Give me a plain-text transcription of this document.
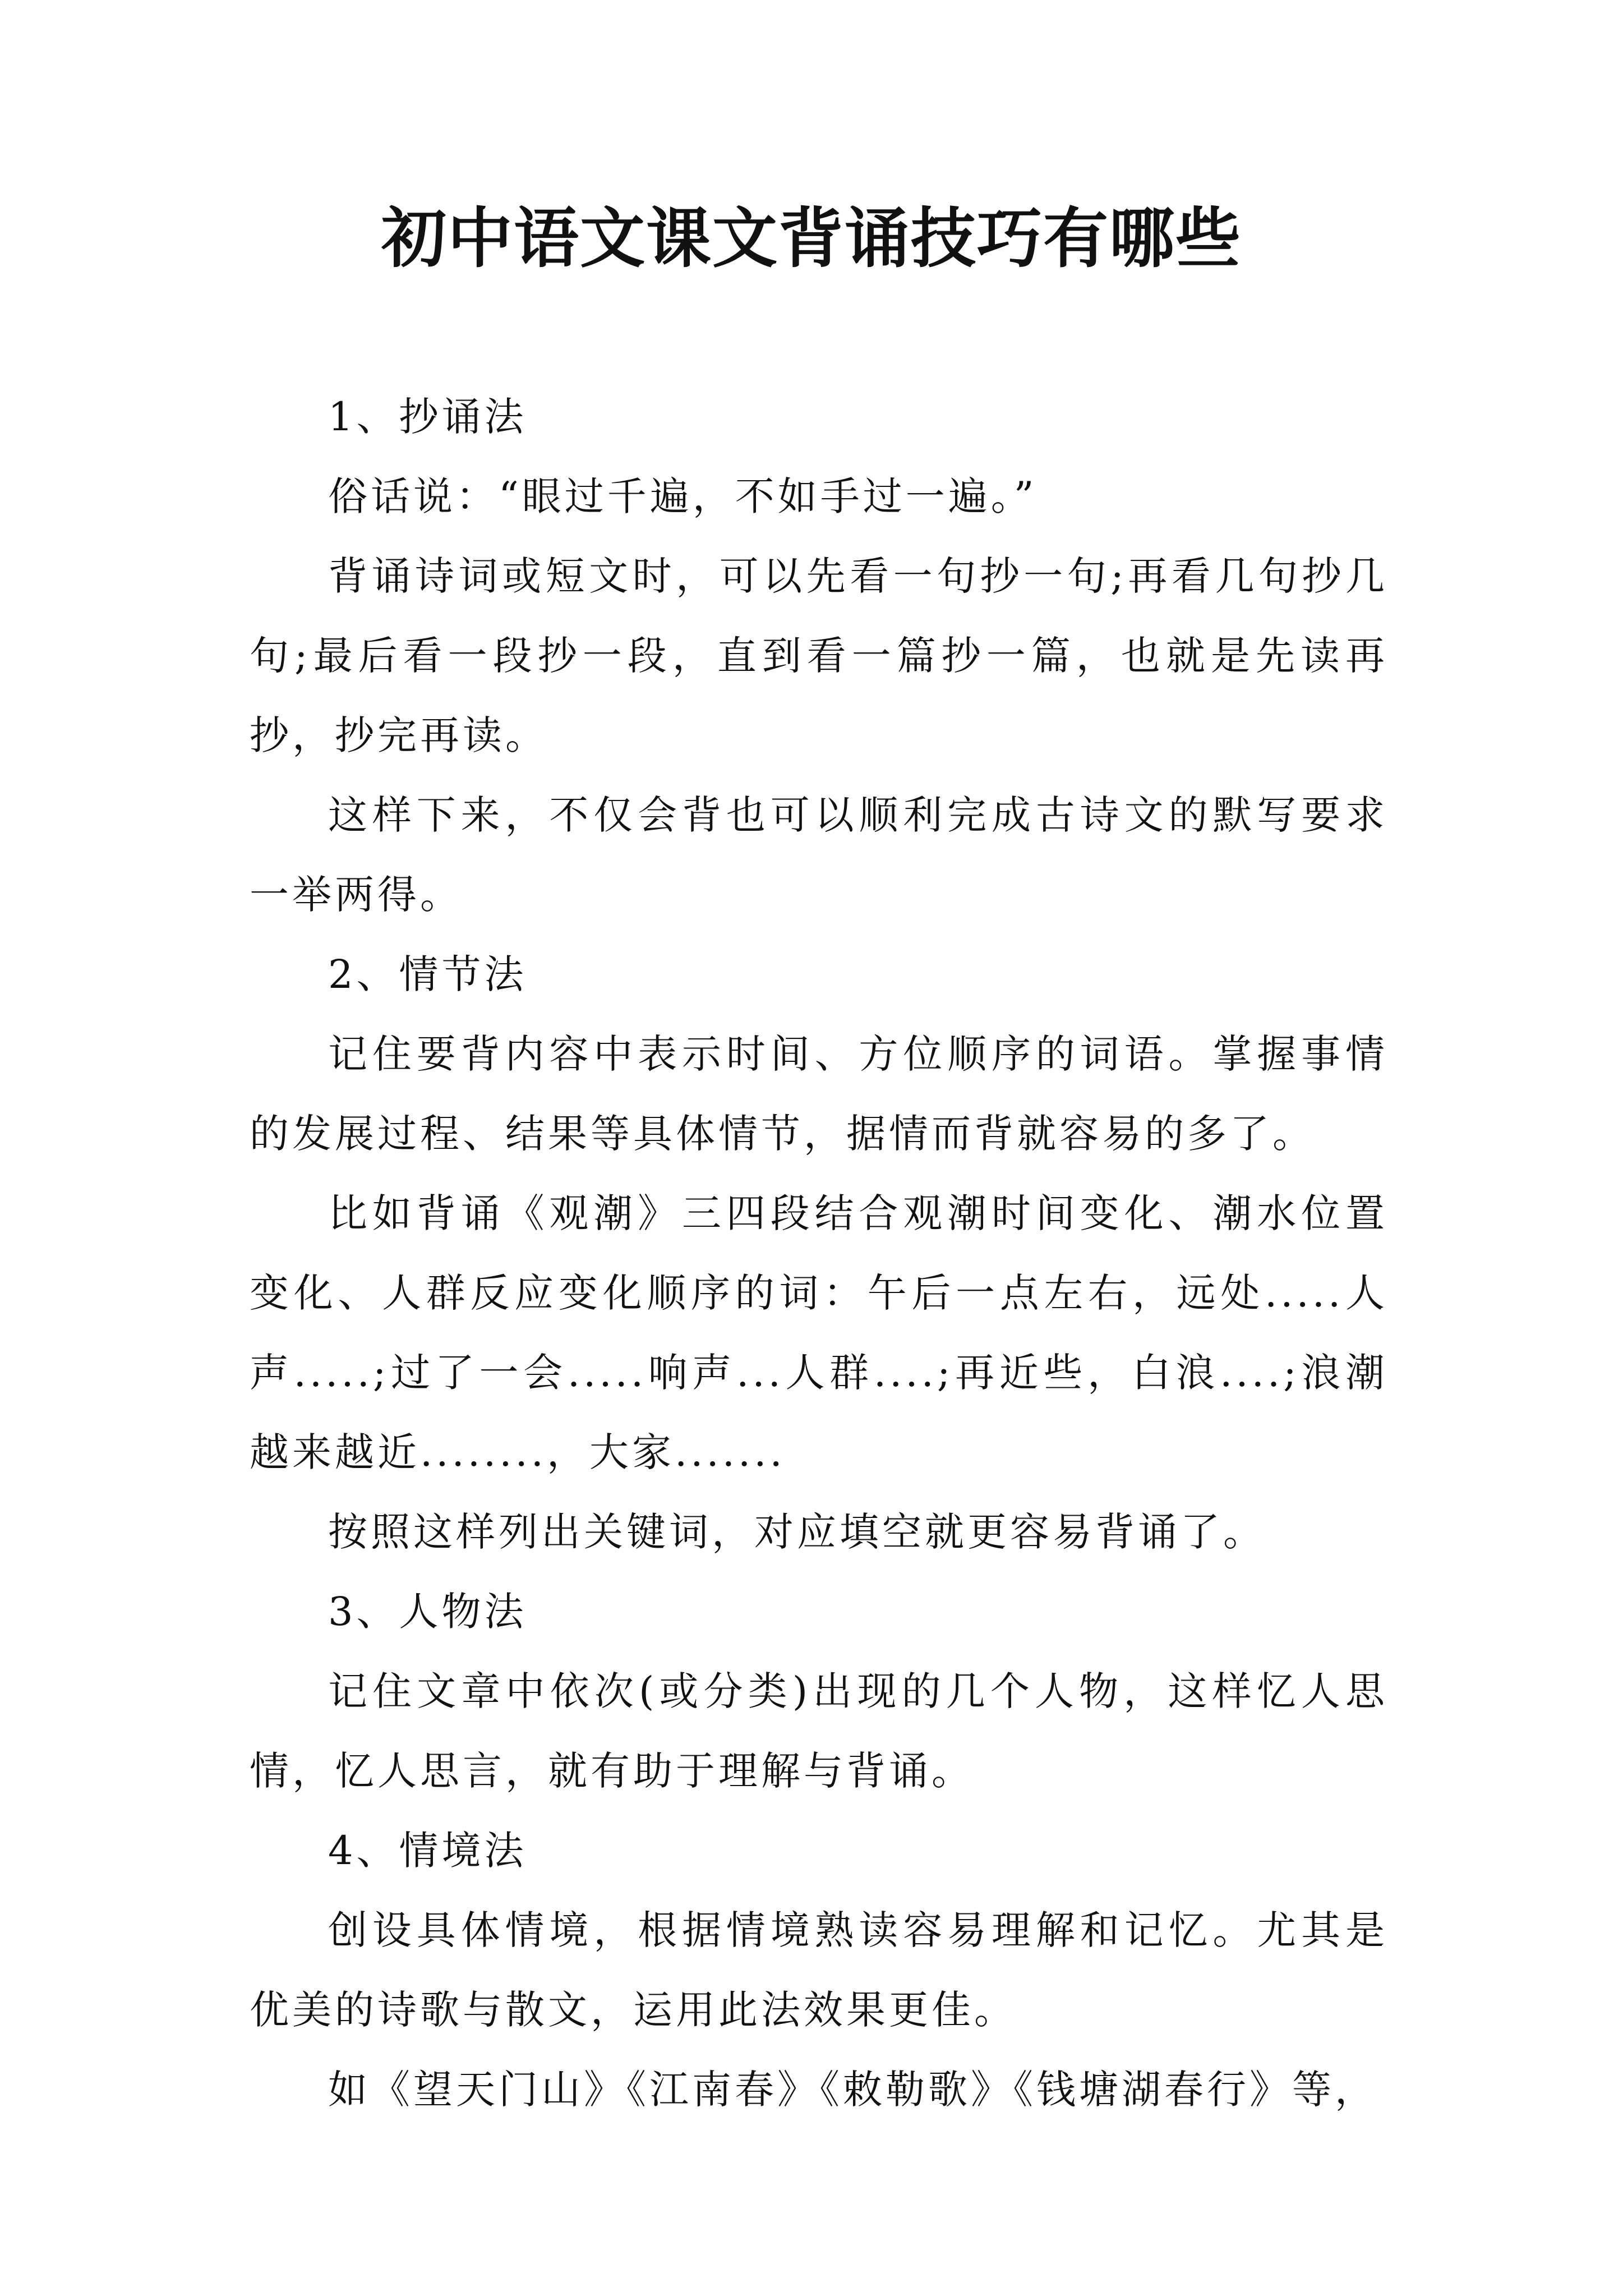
初中语文课文背诵技巧有哪些

1、抄诵法

俗话说：“眼过千遍，不如手过一遍。”

背诵诗词或短文时，可以先看一句抄一句;再看几句抄几句;最后看一段抄一段，直到看一篇抄一篇，也就是先读再抄，抄完再读。

这样下来，不仅会背也可以顺利完成古诗文的默写要求一举两得。

2、情节法

记住要背内容中表示时间、方位顺序的词语。掌握事情的发展过程、结果等具体情节，据情而背就容易的多了。

比如背诵《观潮》三四段结合观潮时间变化、潮水位置变化、人群反应变化顺序的词：午后一点左右，远处.....人声.....;过了一会.....响声...人群....;再近些，白浪....;浪潮越来越近........，大家.......

按照这样列出关键词，对应填空就更容易背诵了。

3、人物法

记住文章中依次(或分类)出现的几个人物，这样忆人思情，忆人思言，就有助于理解与背诵。

4、情境法

创设具体情境，根据情境熟读容易理解和记忆。尤其是优美的诗歌与散文，运用此法效果更佳。

如《望天门山》《江南春》《敕勒歌》《钱塘湖春行》等，
